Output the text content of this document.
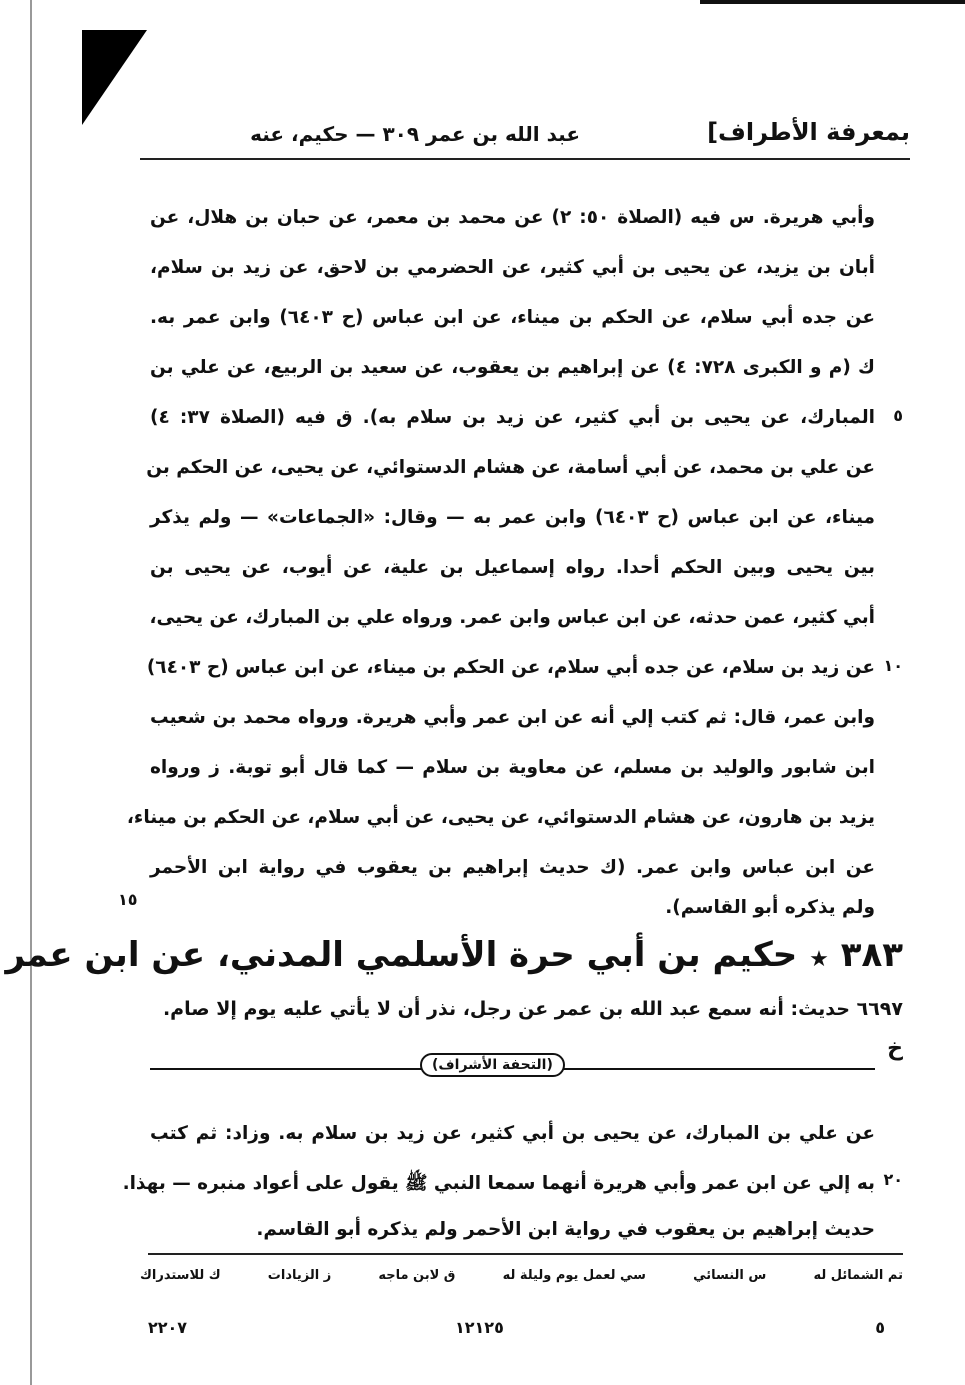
بمعرفة الأطراف]
عبد الله بن عمر ٣٠٩ — حكيم، عنه
وأبي هريرة. س فيه (الصلاة ٥٠: ٢) عن محمد بن معمر، عن حبان بن هلال، عن
أبان بن يزيد، عن يحيى بن أبي كثير، عن الحضرمي بن لاحق، عن زيد بن سلام،
عن جده أبي سلام، عن الحكم بن ميناء، عن ابن عباس (ح ٦٤٠٣) وابن عمر به.
ك (م و الكبرى ٧٢٨: ٤) عن إبراهيم بن يعقوب، عن سعيد بن الربيع، عن علي بن
المبارك، عن يحيى بن أبي كثير، عن زيد بن سلام به). ق فيه (الصلاة ٣٧: ٤)
عن علي بن محمد، عن أبي أسامة، عن هشام الدستوائي، عن يحيى، عن الحكم بن
ميناء، عن ابن عباس (ح ٦٤٠٣) وابن عمر به — وقال: «الجماعات» — ولم يذكر
بين يحيى وبين الحكم أحدا. رواه إسماعيل بن علية، عن أيوب، عن يحيى بن
أبي كثير، عمن حدثه، عن ابن عباس وابن عمر. ورواه علي بن المبارك، عن يحيى،
عن زيد بن سلام، عن جده أبي سلام، عن الحكم بن ميناء، عن ابن عباس (ح ٦٤٠٣)
وابن عمر، قال: ثم كتب إلي أنه عن ابن عمر وأبي هريرة. ورواه محمد بن شعيب
ابن شابور والوليد بن مسلم، عن معاوية بن سلام — كما قال أبو توبة. ز ورواه
يزيد بن هارون، عن هشام الدستوائي، عن يحيى، عن أبي سلام، عن الحكم بن ميناء،
عن ابن عباس وابن عمر. (ك حديث إبراهيم بن يعقوب في رواية ابن الأحمر
ولم يذكره أبو القاسم).
٥
١٠
١٥
٢٠
٣٨٣ ★ حكيم بن أبي حرة الأسلمي المدني، عن ابن عمر
٦٦٩٧ حديث: أنه سمع عبد الله بن عمر عن رجل، نذر أن لا يأتي عليه يوم إلا صام.
خ
(التحفة الأشراف)
عن علي بن المبارك، عن يحيى بن أبي كثير، عن زيد بن سلام به. وزاد: ثم كتب
به إلي عن ابن عمر وأبي هريرة أنهما سمعا النبي ﷺ يقول على أعواد منبره — بهذا.
حديث إبراهيم بن يعقوب في رواية ابن الأحمر ولم يذكره أبو القاسم.
تم الشمائل له
س النسائي
سي لعمل يوم وليلة له
ق لابن ماجه
ز الزيادات
ك للاستدراك
٥
١٢١٢٥
٢٢٠٧
